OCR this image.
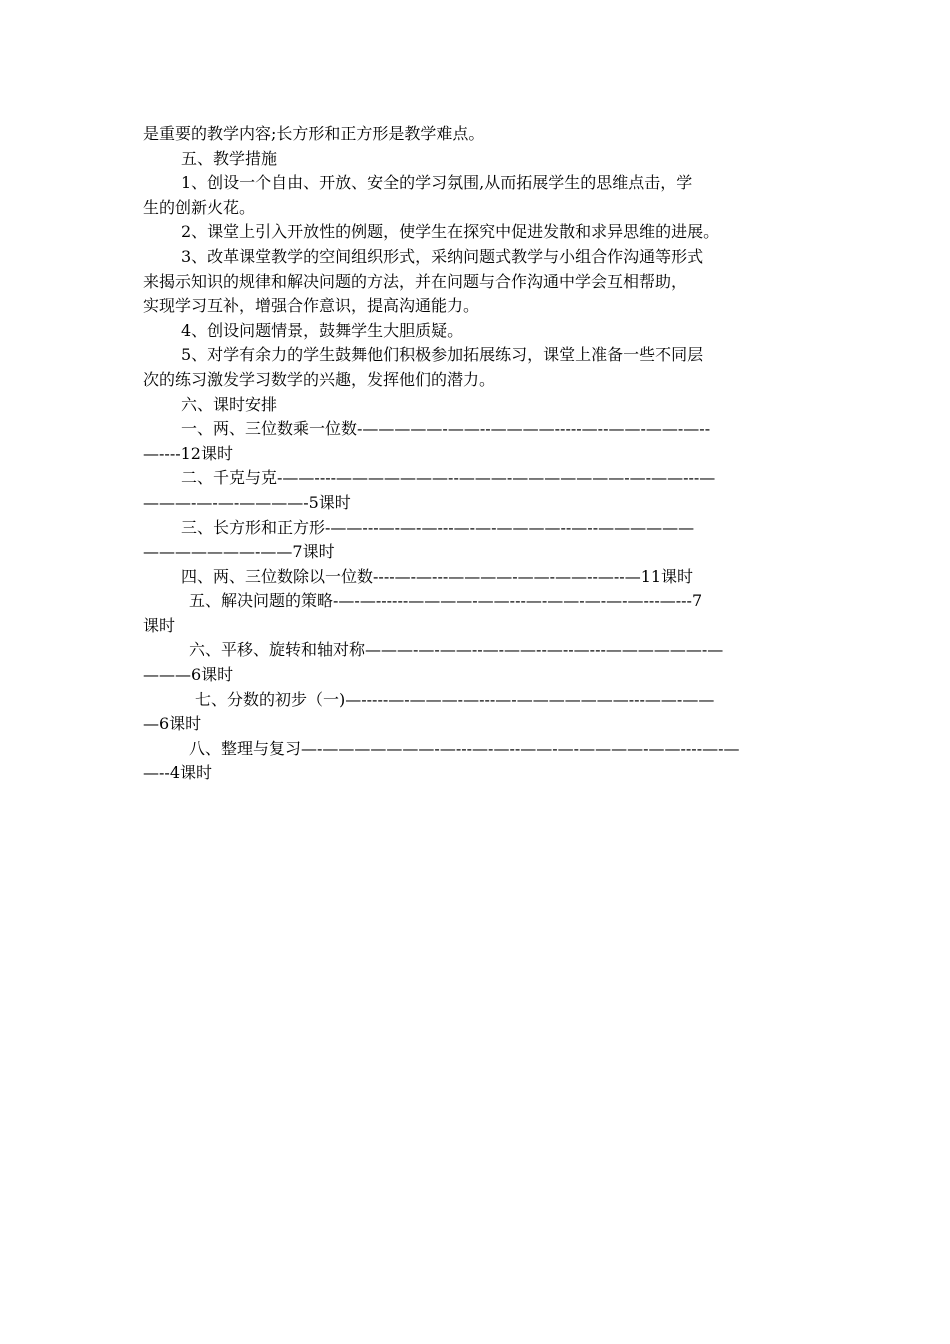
是重要的教学内容;长方形和正方形是教学难点。
五、教学措施
1、创设一个自由、开放、安全的学习氛围,从而拓展学生的思维点击，学
生的创新火花。
2、课堂上引入开放性的例题，使学生在探究中促进发散和求异思维的进展。
3、改革课堂教学的空间组织形式，采纳问题式教学与小组合作沟通等形式
来揭示知识的规律和解决问题的方法，并在问题与合作沟通中学会互相帮助，
实现学习互补，增强合作意识，提高沟通能力。
4、创设问题情景，鼓舞学生大胆质疑。
5、对学有余力的学生鼓舞他们积极参加拓展练习，课堂上准备一些不同层
次的练习激发学习数学的兴趣，发挥他们的潜力。
六、课时安排
一、两、三位数乘一位数-—————-——--————-----—--——-——-—--
—----12课时
二、千克与克-——----———————--———-———————-—-——---—
———-—-—-————-5课时
三、长方形和正方形-——---—-—-—---—-—-————--—--——————
———————-——7课时
四、两、三位数除以一位数----—-—---————-——-——--—--—11课时
五、解决问题的策略-—-—------————-——---—-——-—-—-—---—---7
课时
六、平移、旋转和轴对称———-—-——--—-——--—--—---——————-—
———6课时
七、分数的初步（一)—-----—-———-—---—-———————---——-——
—6课时
八、整理与复习—-———————-—---—-—--——-—-————-——----—-—
—--4课时
